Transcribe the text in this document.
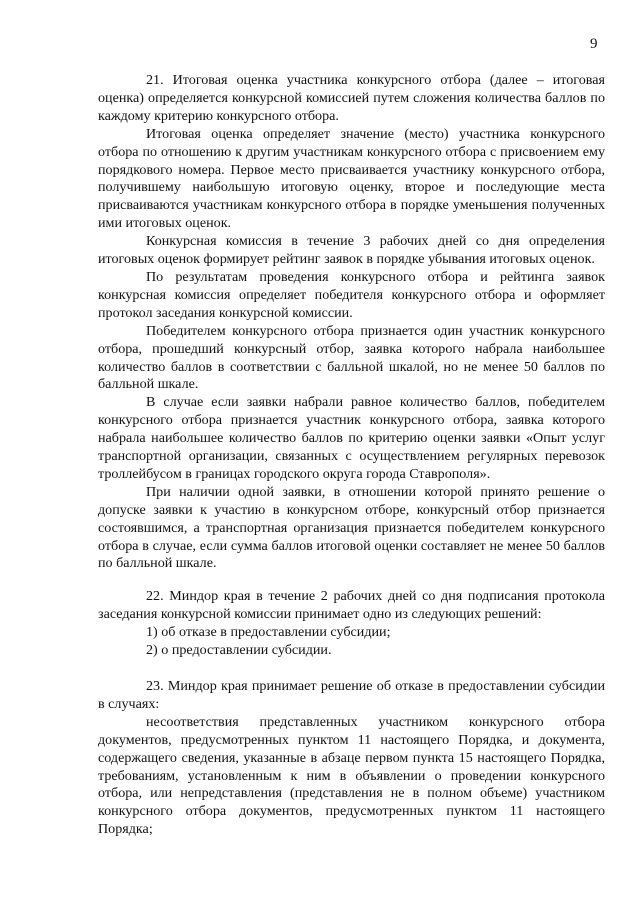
9

21. Итоговая оценка участника конкурсного отбора (далее – итоговая оценка) определяется конкурсной комиссией путем сложения количества баллов по каждому критерию конкурсного отбора.

Итоговая оценка определяет значение (место) участника конкурсного отбора по отношению к другим участникам конкурсного отбора с присвоением ему порядкового номера. Первое место присваивается участнику конкурсного отбора, получившему наибольшую итоговую оценку, второе и последующие места присваиваются участникам конкурсного отбора в порядке уменьшения полученных ими итоговых оценок.

Конкурсная комиссия в течение 3 рабочих дней со дня определения итоговых оценок формирует рейтинг заявок в порядке убывания итоговых оценок.

По результатам проведения конкурсного отбора и рейтинга заявок конкурсная комиссия определяет победителя конкурсного отбора и оформляет протокол заседания конкурсной комиссии.

Победителем конкурсного отбора признается один участник конкурсного отбора, прошедший конкурсный отбор, заявка которого набрала наибольшее количество баллов в соответствии с балльной шкалой, но не менее 50 баллов по балльной шкале.

В случае если заявки набрали равное количество баллов, победителем конкурсного отбора признается участник конкурсного отбора, заявка которого набрала наибольшее количество баллов по критерию оценки заявки «Опыт услуг транспортной организации, связанных с осуществлением регулярных перевозок троллейбусом в границах городского округа города Ставрополя».

При наличии одной заявки, в отношении которой принято решение о допуске заявки к участию в конкурсном отборе, конкурсный отбор признается состоявшимся, а транспортная организация признается победителем конкурсного отбора в случае, если сумма баллов итоговой оценки составляет не менее 50 баллов по балльной шкале.

22. Миндор края в течение 2 рабочих дней со дня подписания протокола заседания конкурсной комиссии принимает одно из следующих решений:

1) об отказе в предоставлении субсидии;

2) о предоставлении субсидии.

23. Миндор края принимает решение об отказе в предоставлении субсидии в случаях:

несоответствия представленных участником конкурсного отбора документов, предусмотренных пунктом 11 настоящего Порядка, и документа, содержащего сведения, указанные в абзаце первом пункта 15 настоящего Порядка, требованиям, установленным к ним в объявлении о проведении конкурсного отбора, или непредставления (представления не в полном объеме) участником конкурсного отбора документов, предусмотренных пунктом 11 настоящего Порядка;
